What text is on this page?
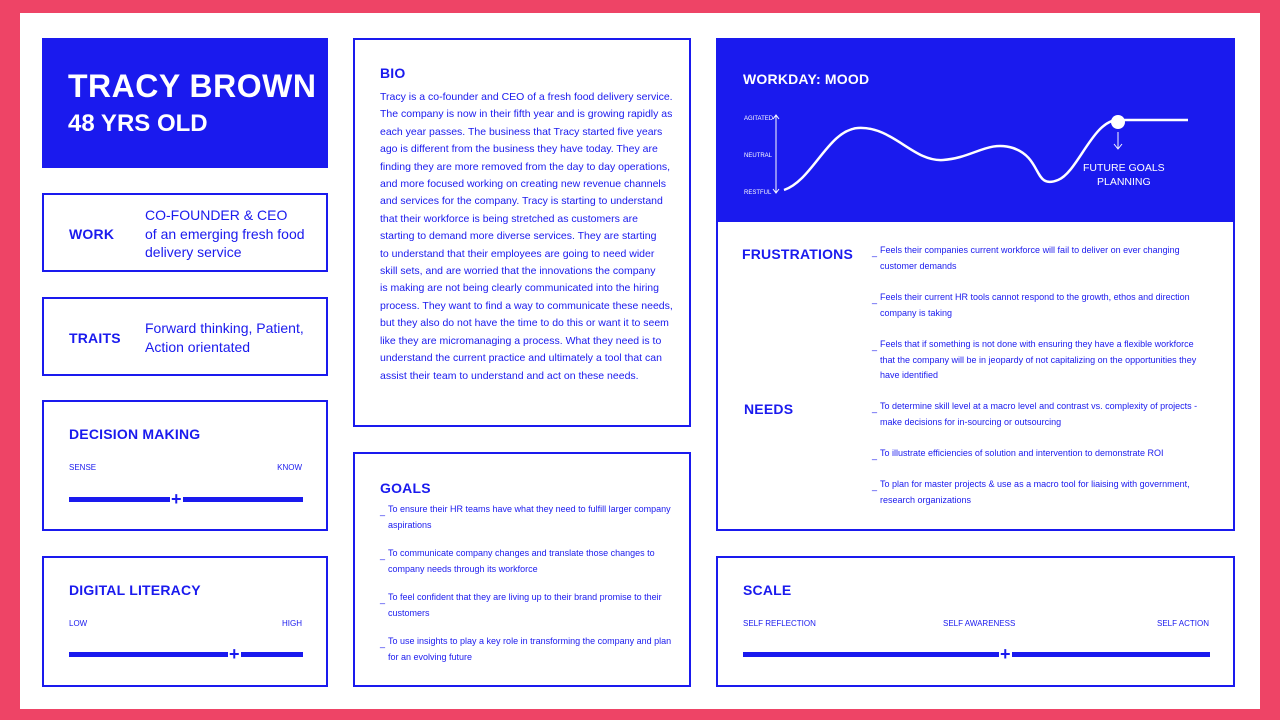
TRACY BROWN
48 YRS OLD
WORK
CO-FOUNDER & CEO
of an emerging fresh food
delivery service
TRAITS
Forward thinking, Patient,
Action orientated
DECISION MAKING
SENSE	KNOW
+
DIGITAL LITERACY
LOW	HIGH
+
BIO
Tracy is a co-founder and CEO of a fresh food delivery service.
The company is now in their fifth year and is growing rapidly as
each year passes. The business that Tracy started five years
ago is different from the business they have today. They are
finding they are more removed from the day to day operations,
and more focused working on creating new revenue channels
and services for the company. Tracy is starting to understand
that their workforce is being stretched as customers are
starting to demand more diverse services. They are starting
to understand that their employees are going to need wider
skill sets, and are worried that the innovations the company
is making are not being clearly communicated into the hiring
process. They want to find a way to communicate these needs,
but they also do not have the time to do this or want it to seem
like they are micromanaging a process. What they need is to
understand the current practice and ultimately a tool that can
assist their team to understand and act on these needs.
GOALS
_ To ensure their HR teams have what they need to fulfill larger company
aspirations
_ To communicate company changes and translate those changes to
company needs through its workforce
_ To feel confident that they are living up to their brand promise to their
customers
_ To use insights to play a key role in transforming the company and plan
for an evolving future
WORKDAY: MOOD
AGITATED
NEUTRAL
RESTFUL
FUTURE GOALS
PLANNING
FRUSTRATIONS _ Feels their companies current workforce will fail to deliver on ever changing
customer demands
_ Feels their current HR tools cannot respond to the growth, ethos and direction
company is taking
_ Feels that if something is not done with ensuring they have a flexible workforce
that the company will be in jeopardy of not capitalizing on the opportunities they
have identified
NEEDS	_ To determine skill level at a macro level and contrast vs. complexity of projects -
make decisions for in-sourcing or outsourcing
_ To illustrate efficiencies of solution and intervention to demonstrate ROI
_ To plan for master projects & use as a macro tool for liaising with government,
research organizations
SCALE
SELF REFLECTION	SELF AWARENESS	SELF ACTION
+
